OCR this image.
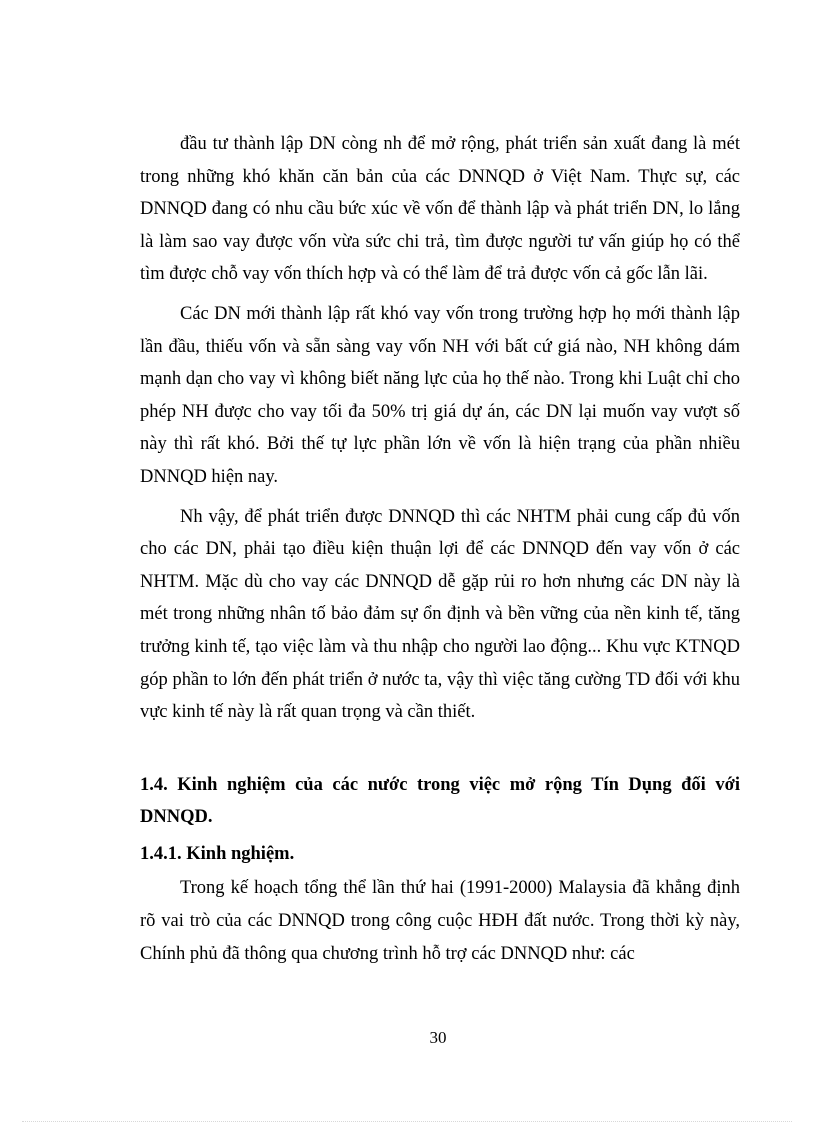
đầu tư thành lập DN còng nh để mở rộng, phát triển sản xuất đang là mét trong những khó khăn căn bản của các DNNQD ở Việt Nam. Thực sự, các DNNQD đang có nhu cầu bức xúc về vốn để thành lập và phát triển DN, lo lắng là làm sao vay được vốn vừa sức chi trả, tìm được người tư vấn giúp họ có thể tìm được chỗ vay vốn thích hợp và có thể làm để trả được vốn cả gốc lẫn lãi.

Các DN mới thành lập rất khó vay vốn trong trường hợp họ mới thành lập lần đầu, thiếu vốn và sẵn sàng vay vốn NH với bất cứ giá nào, NH không dám mạnh dạn cho vay vì không biết năng lực của họ thế nào. Trong khi Luật chỉ cho phép NH được cho vay tối đa 50% trị giá dự án, các DN lại muốn vay vượt số này thì rất khó. Bởi thế tự lực phần lớn về vốn là hiện trạng của phần nhiều DNNQD hiện nay.

Nh vậy, để phát triển được DNNQD thì các NHTM phải cung cấp đủ vốn cho các DN, phải tạo điều kiện thuận lợi để các DNNQD đến vay vốn ở các NHTM. Mặc dù cho vay các DNNQD dễ gặp rủi ro hơn nhưng các DN này là mét trong những nhân tố bảo đảm sự ổn định và bền vững của nền kinh tế, tăng trưởng kinh tế, tạo việc làm và thu nhập cho người lao động... Khu vực KTNQD góp phần to lớn đến phát triển ở nước ta, vậy thì việc tăng cường TD đối với khu vực kinh tế này là rất quan trọng và cần thiết.

1.4. Kinh nghiệm của các nước trong việc mở rộng Tín Dụng đối với DNNQD.
1.4.1. Kinh nghiệm.

Trong kế hoạch tổng thể lần thứ hai (1991-2000) Malaysia đã khẳng định rõ vai trò của các DNNQD trong công cuộc HĐH đất nước. Trong thời kỳ này, Chính phủ đã thông qua chương trình hỗ trợ các DNNQD như: các

30
